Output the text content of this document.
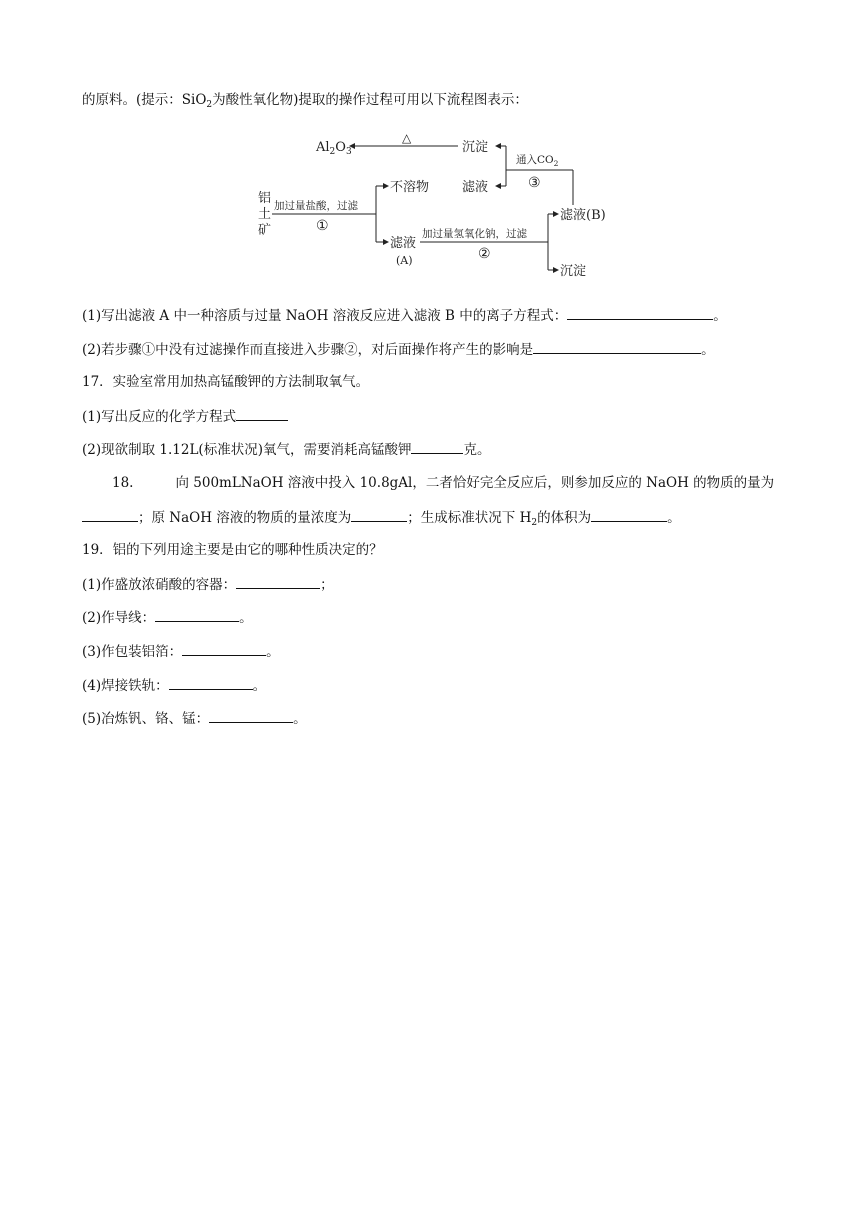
的原料。(提示：SiO$_2$为酸性氧化物)提取的操作过程可用以下流程图表示：
铝
土
矿
加过量盐酸，过滤
①
不溶物
滤液
(A)
加过量氢氧化钠，过滤
②
滤液(B)
沉淀
通入$CO_2$
③
沉淀
滤液
△
$Al_2O_3$
(1)写出滤液 A 中一种溶质与过量 NaOH 溶液反应进入滤液 B 中的离子方程式：	。
(2)若步骤①中没有过滤操作而直接进入步骤②，对后面操作将产生的影响是	。
17．实验室常用加热高锰酸钾的方法制取氧气。
(1)写出反应的化学方程式
(2)现欲制取 1.12L(标准状况)氧气，需要消耗高锰酸钾	克。
18.	向 500mLNaOH 溶液中投入 10.8gAl，二者恰好完全反应后，则参加反应的 NaOH 的物质的量为
；原 NaOH 溶液的物质的量浓度为	；生成标准状况下 $H_2$的体积为	。
19．铝的下列用途主要是由它的哪种性质决定的？
(1)作盛放浓硝酸的容器：	；
(2)作导线：	。
(3)作包装铝箔：	。
(4)焊接铁轨：	。
(5)冶炼钒、铬、锰：	。
